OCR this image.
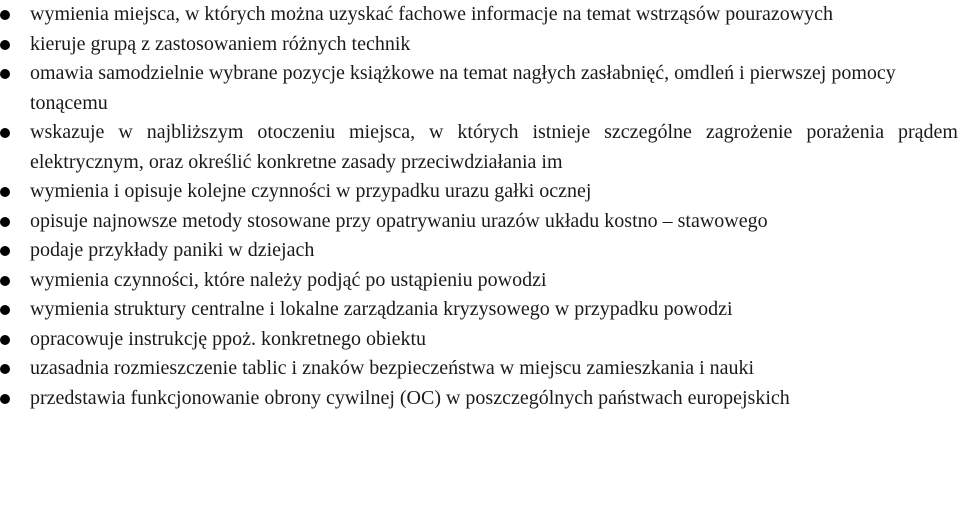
wymienia miejsca, w których można uzyskać fachowe informacje na temat wstrząsów pourazowych
kieruje grupą z zastosowaniem różnych technik
omawia samodzielnie wybrane pozycje książkowe na temat nagłych zasłabnięć, omdleń i pierwszej pomocy tonącemu
wskazuje w najbliższym otoczeniu miejsca, w których istnieje szczególne zagrożenie porażenia prądem elektrycznym, oraz określić konkretne zasady przeciwdziałania im
wymienia i opisuje kolejne czynności w przypadku urazu gałki ocznej
opisuje najnowsze metody stosowane przy opatrywaniu urazów układu kostno – stawowego
podaje przykłady paniki w dziejach
wymienia czynności, które należy podjąć po ustąpieniu powodzi
wymienia struktury centralne i lokalne zarządzania kryzysowego w przypadku powodzi
opracowuje instrukcję ppoż. konkretnego obiektu
uzasadnia rozmieszczenie tablic i znaków bezpieczeństwa w miejscu zamieszkania i nauki
przedstawia funkcjonowanie obrony cywilnej (OC) w poszczególnych państwach europejskich
